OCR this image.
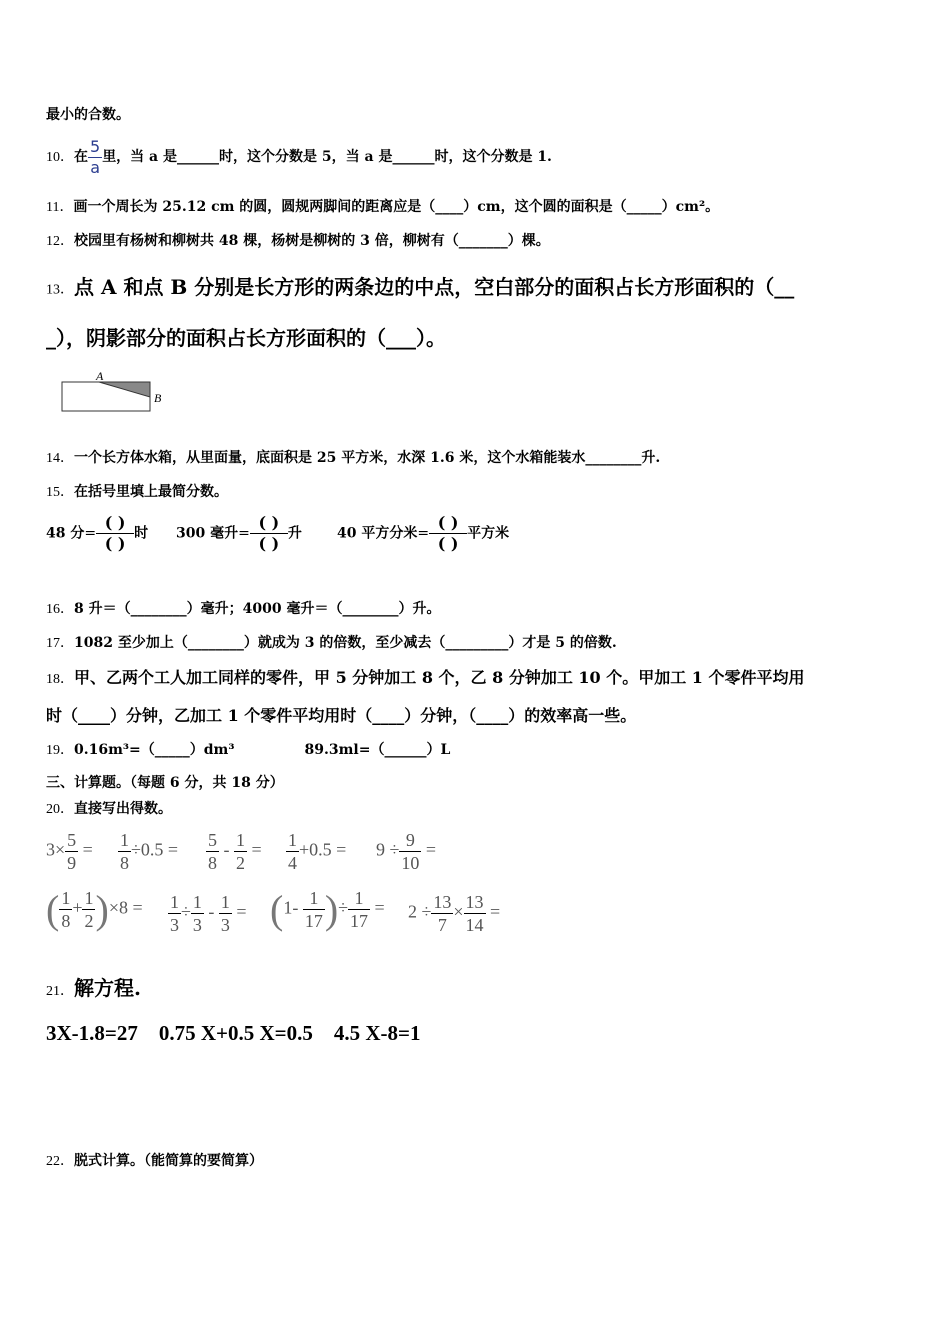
最小的合数。
10．在 $\frac{5}{a}$ 里，当 a 是______时，这个分数是 5，当 a 是______时，这个分数是 1.
11．画一个周长为 25.12 cm 的圆，圆规两脚间的距离应是（____）cm，这个圆的面积是（_____）cm²。
12．校园里有杨树和柳树共 48 棵，杨树是柳树的 3 倍，柳树有（_______）棵。
13．点 A 和点 B 分别是长方形的两条边的中点，空白部分的面积占长方形面积的（__
_），阴影部分的面积占长方形面积的（___）。
A
B
14．一个长方体水箱，从里面量，底面积是 25 平方米，水深 1.6 米，这个水箱能装水________升.
15．在括号里填上最简分数。
48 分=
( )
( )
时 300 毫升=
( )
( )
升	40 平方分米=
( )
( )
平方米
16．8 升＝（________）毫升；4000 毫升＝（________）升。
17．1082 至少加上（________）就成为 3 的倍数，至少减去（_________）才是 5 的倍数.
18．甲、乙两个工人加工同样的零件，甲 5 分钟加工 8 个，乙 8 分钟加工 10 个。甲加工 1 个零件平均用
时（____）分钟，乙加工 1 个零件平均用时（____）分钟，（____）的效率高一些。
19．0.16m³=（_____）dm³	89.3ml=（______）L
三、计算题。（每题 6 分，共 18 分）
20．直接写出得数。
$3\times \frac{5}{9} = \frac{1}{8} \div 0.5 = \frac{5}{8} - \frac{1}{2} = \frac{1}{4} +0.5 = 9 \div \frac{9}{10}$ =
( $\frac{1}{8} + \frac{1}{2} )\times 8 = \frac{1}{3} \div \frac{1}{3} - \frac{1}{3} = (1- \frac{1}{17}$ )÷ $\frac{1}{17} = 2 \div \frac{13}{7} \times \frac{13}{14}$ =
21．解方程.
3X-1.8=27    0.75 X+0.5 X=0.5    4.5 X-8=1
22．脱式计算。（能简算的要简算）
